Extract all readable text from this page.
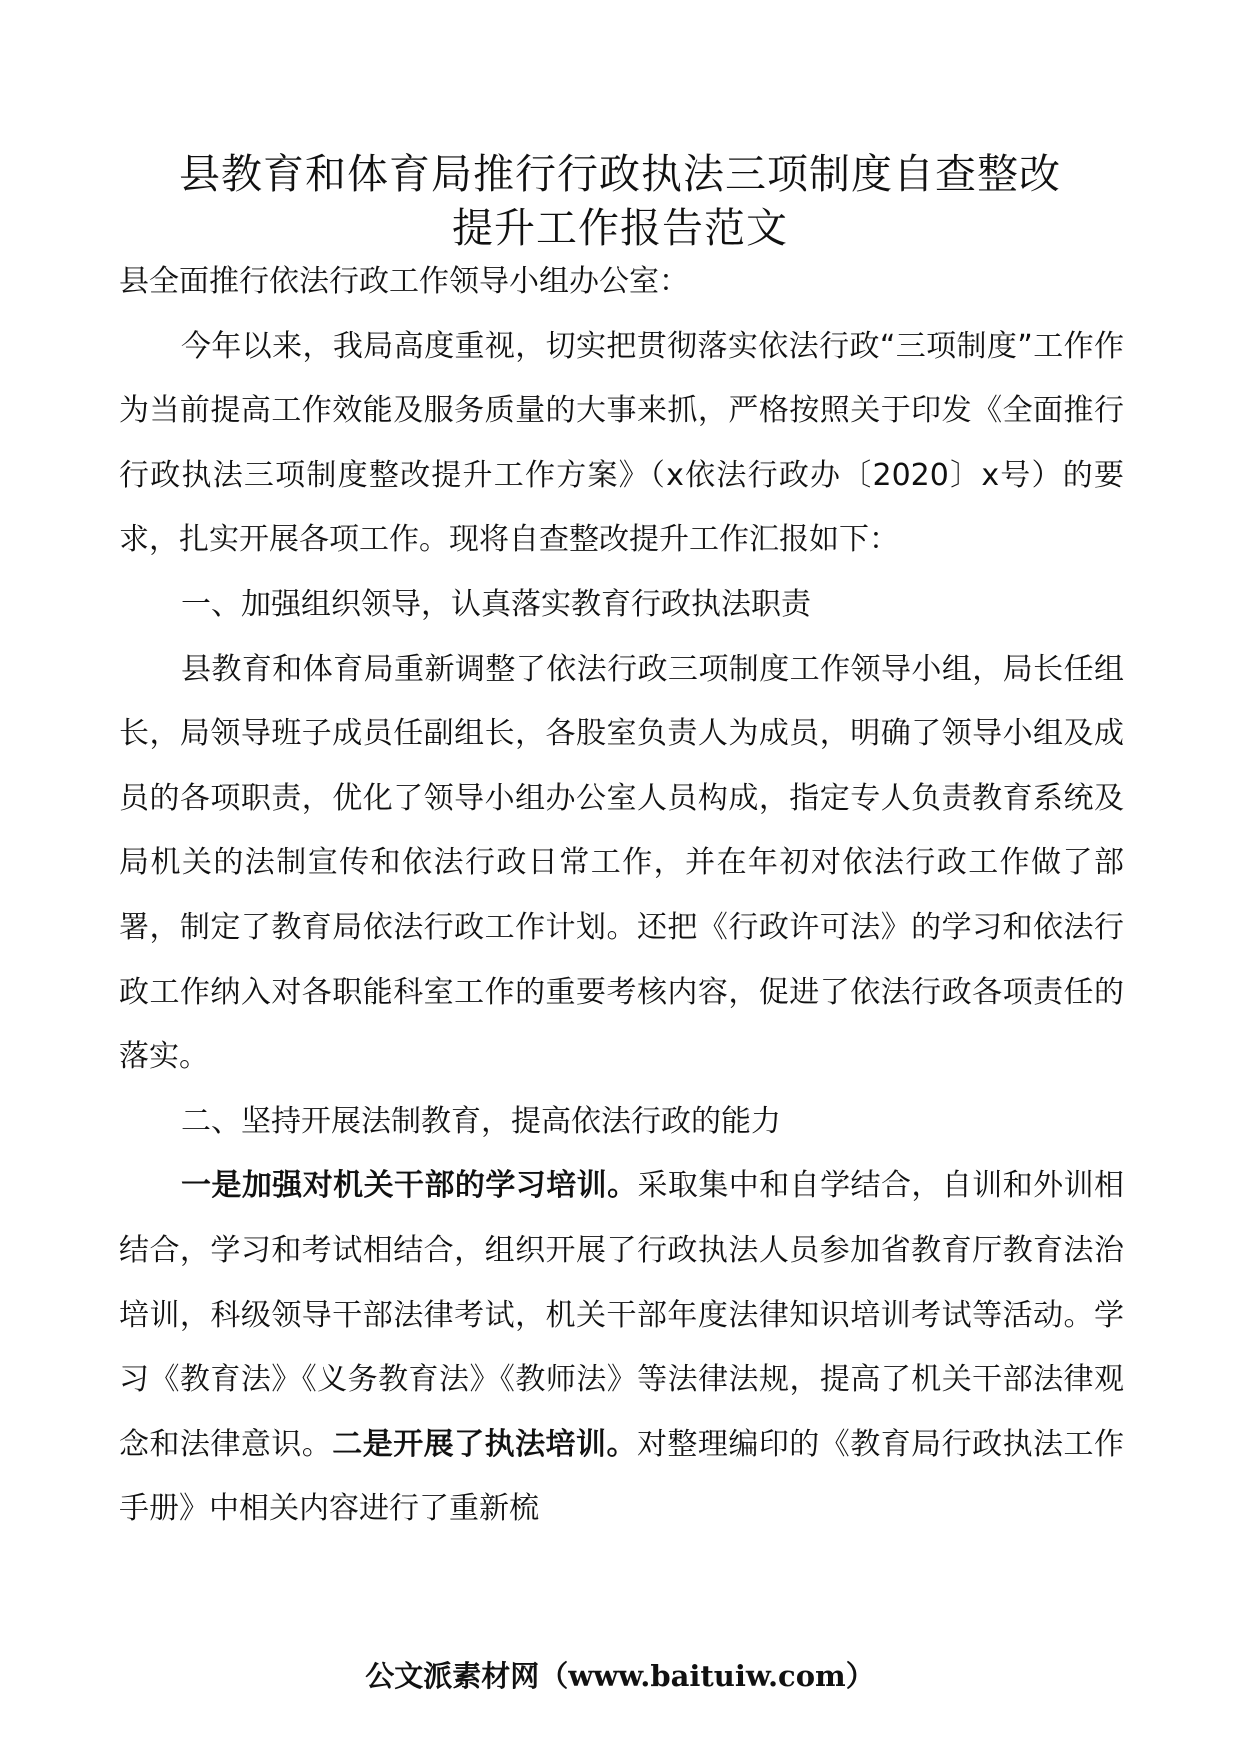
县教育和体育局推行行政执法三项制度自查整改
提升工作报告范文

县全面推行依法行政工作领导小组办公室：

今年以来，我局高度重视，切实把贯彻落实依法行政“三项制度”工作作为当前提高工作效能及服务质量的大事来抓，严格按照关于印发《全面推行行政执法三项制度整改提升工作方案》（x依法行政办〔2020〕x号）的要求，扎实开展各项工作。现将自查整改提升工作汇报如下：

一、加强组织领导，认真落实教育行政执法职责

县教育和体育局重新调整了依法行政三项制度工作领导小组，局长任组长，局领导班子成员任副组长，各股室负责人为成员，明确了领导小组及成员的各项职责，优化了领导小组办公室人员构成，指定专人负责教育系统及局机关的法制宣传和依法行政日常工作，并在年初对依法行政工作做了部署，制定了教育局依法行政工作计划。还把《行政许可法》的学习和依法行政工作纳入对各职能科室工作的重要考核内容，促进了依法行政各项责任的落实。

二、坚持开展法制教育，提高依法行政的能力

一是加强对机关干部的学习培训。采取集中和自学结合，自训和外训相结合，学习和考试相结合，组织开展了行政执法人员参加省教育厅教育法治培训，科级领导干部法律考试，机关干部年度法律知识培训考试等活动。学习《教育法》《义务教育法》《教师法》等法律法规，提高了机关干部法律观念和法律意识。二是开展了执法培训。对整理编印的《教育局行政执法工作手册》中相关内容进行了重新梳

公文派素材网（www.baituiw.com）
